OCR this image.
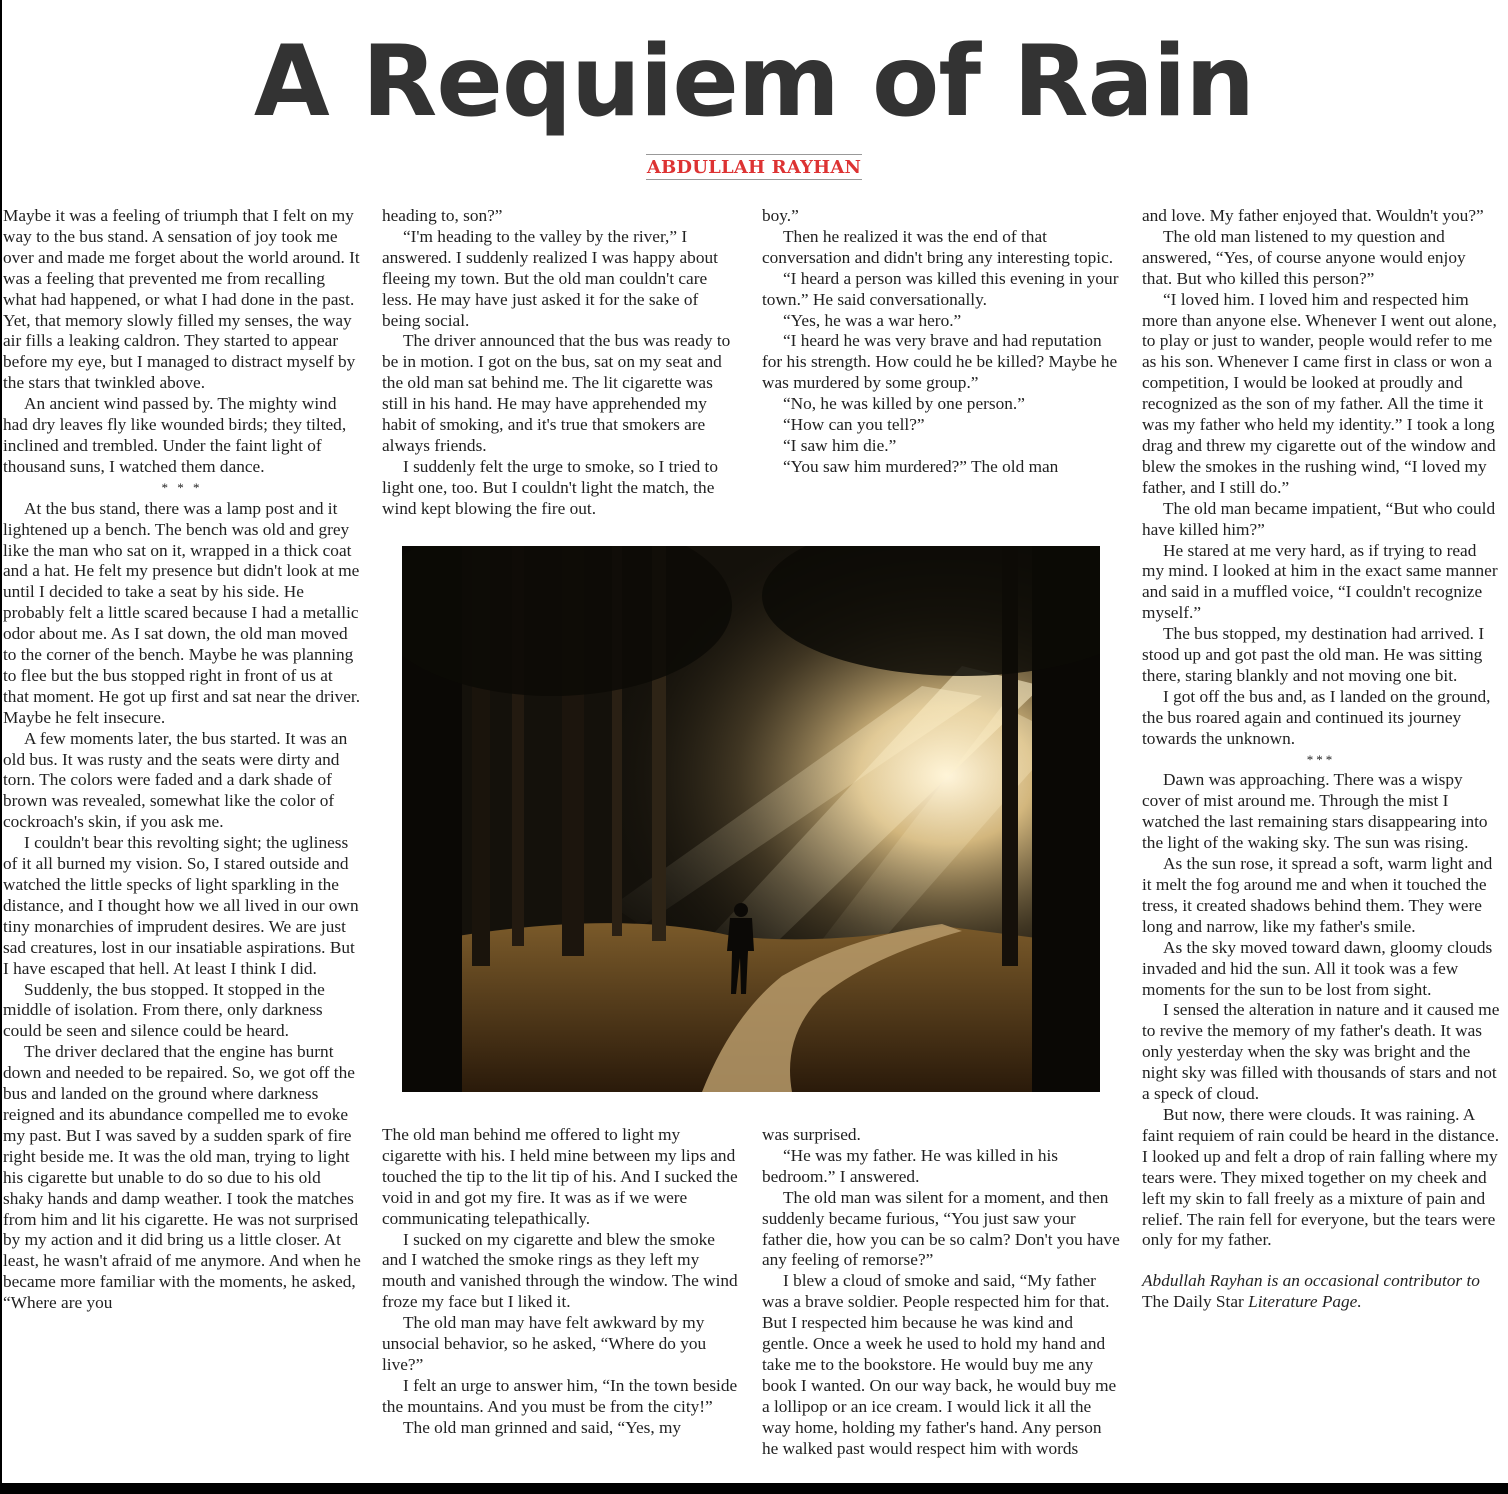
A Requiem of Rain
ABDULLAH RAYHAN

Maybe it was a feeling of triumph that I felt on my way to the bus stand. A sensation of joy took me over and made me forget about the world around. It was a feeling that prevented me from recalling what had happened, or what I had done in the past. Yet, that memory slowly filled my senses, the way air fills a leaking caldron. They started to appear before my eye, but I managed to distract myself by the stars that twinkled above.

An ancient wind passed by. The mighty wind had dry leaves fly like wounded birds; they tilted, inclined and trembled. Under the faint light of thousand suns, I watched them dance.

* * *

At the bus stand, there was a lamp post and it lightened up a bench. The bench was old and grey like the man who sat on it, wrapped in a thick coat and a hat. He felt my presence but didn't look at me until I decided to take a seat by his side. He probably felt a little scared because I had a metallic odor about me. As I sat down, the old man moved to the corner of the bench. Maybe he was planning to flee but the bus stopped right in front of us at that moment. He got up first and sat near the driver. Maybe he felt insecure.

A few moments later, the bus started. It was an old bus. It was rusty and the seats were dirty and torn. The colors were faded and a dark shade of brown was revealed, somewhat like the color of cockroach's skin, if you ask me.

I couldn't bear this revolting sight; the ugliness of it all burned my vision. So, I stared outside and watched the little specks of light sparkling in the distance, and I thought how we all lived in our own tiny monarchies of imprudent desires. We are just sad creatures, lost in our insatiable aspirations. But I have escaped that hell. At least I think I did.

Suddenly, the bus stopped. It stopped in the middle of isolation. From there, only darkness could be seen and silence could be heard.

The driver declared that the engine has burnt down and needed to be repaired. So, we got off the bus and landed on the ground where darkness reigned and its abundance compelled me to evoke my past. But I was saved by a sudden spark of fire right beside me. It was the old man, trying to light his cigarette but unable to do so due to his old shaky hands and damp weather. I took the matches from him and lit his cigarette. He was not surprised by my action and it did bring us a little closer. At least, he wasn't afraid of me anymore. And when he became more familiar with the moments, he asked, “Where are you

heading to, son?”

“I'm heading to the valley by the river,” I answered. I suddenly realized I was happy about fleeing my town. But the old man couldn't care less. He may have just asked it for the sake of being social.

The driver announced that the bus was ready to be in motion. I got on the bus, sat on my seat and the old man sat behind me. The lit cigarette was still in his hand. He may have apprehended my habit of smoking, and it's true that smokers are always friends.

I suddenly felt the urge to smoke, so I tried to light one, too. But I couldn't light the match, the wind kept blowing the fire out.

boy.”

Then he realized it was the end of that conversation and didn't bring any interesting topic.

“I heard a person was killed this evening in your town.” He said conversationally.

“Yes, he was a war hero.”

“I heard he was very brave and had reputation for his strength. How could he be killed? Maybe he was murdered by some group.”

“No, he was killed by one person.”

“How can you tell?”

“I saw him die.”

“You saw him murdered?” The old man

The old man behind me offered to light my cigarette with his. I held mine between my lips and touched the tip to the lit tip of his. And I sucked the void in and got my fire. It was as if we were communicating telepathically.

I sucked on my cigarette and blew the smoke and I watched the smoke rings as they left my mouth and vanished through the window. The wind froze my face but I liked it.

The old man may have felt awkward by my unsocial behavior, so he asked, “Where do you live?”

I felt an urge to answer him, “In the town beside the mountains. And you must be from the city!”

The old man grinned and said, “Yes, my

was surprised.

“He was my father. He was killed in his bedroom.” I answered.

The old man was silent for a moment, and then suddenly became furious, “You just saw your father die, how you can be so calm? Don't you have any feeling of remorse?”

I blew a cloud of smoke and said, “My father was a brave soldier. People respected him for that. But I respected him because he was kind and gentle. Once a week he used to hold my hand and take me to the bookstore. He would buy me any book I wanted. On our way back, he would buy me a lollipop or an ice cream. I would lick it all the way home, holding my father's hand. Any person he walked past would respect him with words

and love. My father enjoyed that. Wouldn't you?”

The old man listened to my question and answered, “Yes, of course anyone would enjoy that. But who killed this person?”

“I loved him. I loved him and respected him more than anyone else. Whenever I went out alone, to play or just to wander, people would refer to me as his son. Whenever I came first in class or won a competition, I would be looked at proudly and recognized as the son of my father. All the time it was my father who held my identity.” I took a long drag and threw my cigarette out of the window and blew the smokes in the rushing wind, “I loved my father, and I still do.”

The old man became impatient, “But who could have killed him?”

He stared at me very hard, as if trying to read my mind. I looked at him in the exact same manner and said in a muffled voice, “I couldn't recognize myself.”

The bus stopped, my destination had arrived. I stood up and got past the old man. He was sitting there, staring blankly and not moving one bit.

I got off the bus and, as I landed on the ground, the bus roared again and continued its journey towards the unknown.

***

Dawn was approaching. There was a wispy cover of mist around me. Through the mist I watched the last remaining stars disappearing into the light of the waking sky. The sun was rising.

As the sun rose, it spread a soft, warm light and it melt the fog around me and when it touched the tress, it created shadows behind them. They were long and narrow, like my father's smile.

As the sky moved toward dawn, gloomy clouds invaded and hid the sun. All it took was a few moments for the sun to be lost from sight.

I sensed the alteration in nature and it caused me to revive the memory of my father's death. It was only yesterday when the sky was bright and the night sky was filled with thousands of stars and not a speck of cloud.

But now, there were clouds. It was raining. A faint requiem of rain could be heard in the distance. I looked up and felt a drop of rain falling where my tears were. They mixed together on my cheek and left my skin to fall freely as a mixture of pain and relief. The rain fell for everyone, but the tears were only for my father.

Abdullah Rayhan is an occasional contributor to
The Daily Star Literature Page.
